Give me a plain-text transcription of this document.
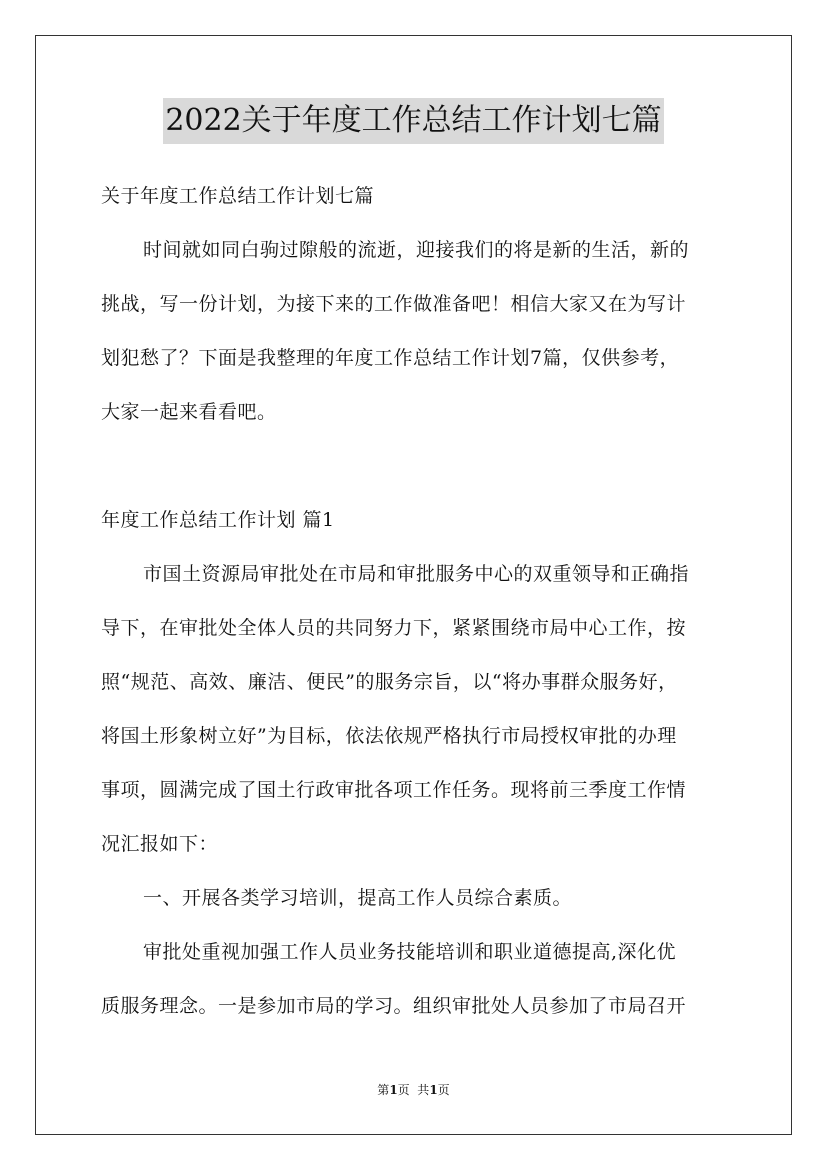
2022关于年度工作总结工作计划七篇
关于年度工作总结工作计划七篇
时间就如同白驹过隙般的流逝，迎接我们的将是新的生活，新的
挑战，写一份计划，为接下来的工作做准备吧！相信大家又在为写计
划犯愁了？下面是我整理的年度工作总结工作计划7篇，仅供参考，
大家一起来看看吧。

年度工作总结工作计划 篇1
市国土资源局审批处在市局和审批服务中心的双重领导和正确指
导下，在审批处全体人员的共同努力下，紧紧围绕市局中心工作，按
照“规范、高效、廉洁、便民”的服务宗旨，以“将办事群众服务好，
将国土形象树立好”为目标，依法依规严格执行市局授权审批的办理
事项，圆满完成了国土行政审批各项工作任务。现将前三季度工作情
况汇报如下：
一、开展各类学习培训，提高工作人员综合素质。
审批处重视加强工作人员业务技能培训和职业道德提高,深化优
质服务理念。一是参加市局的学习。组织审批处人员参加了市局召开
第1页  共1页
